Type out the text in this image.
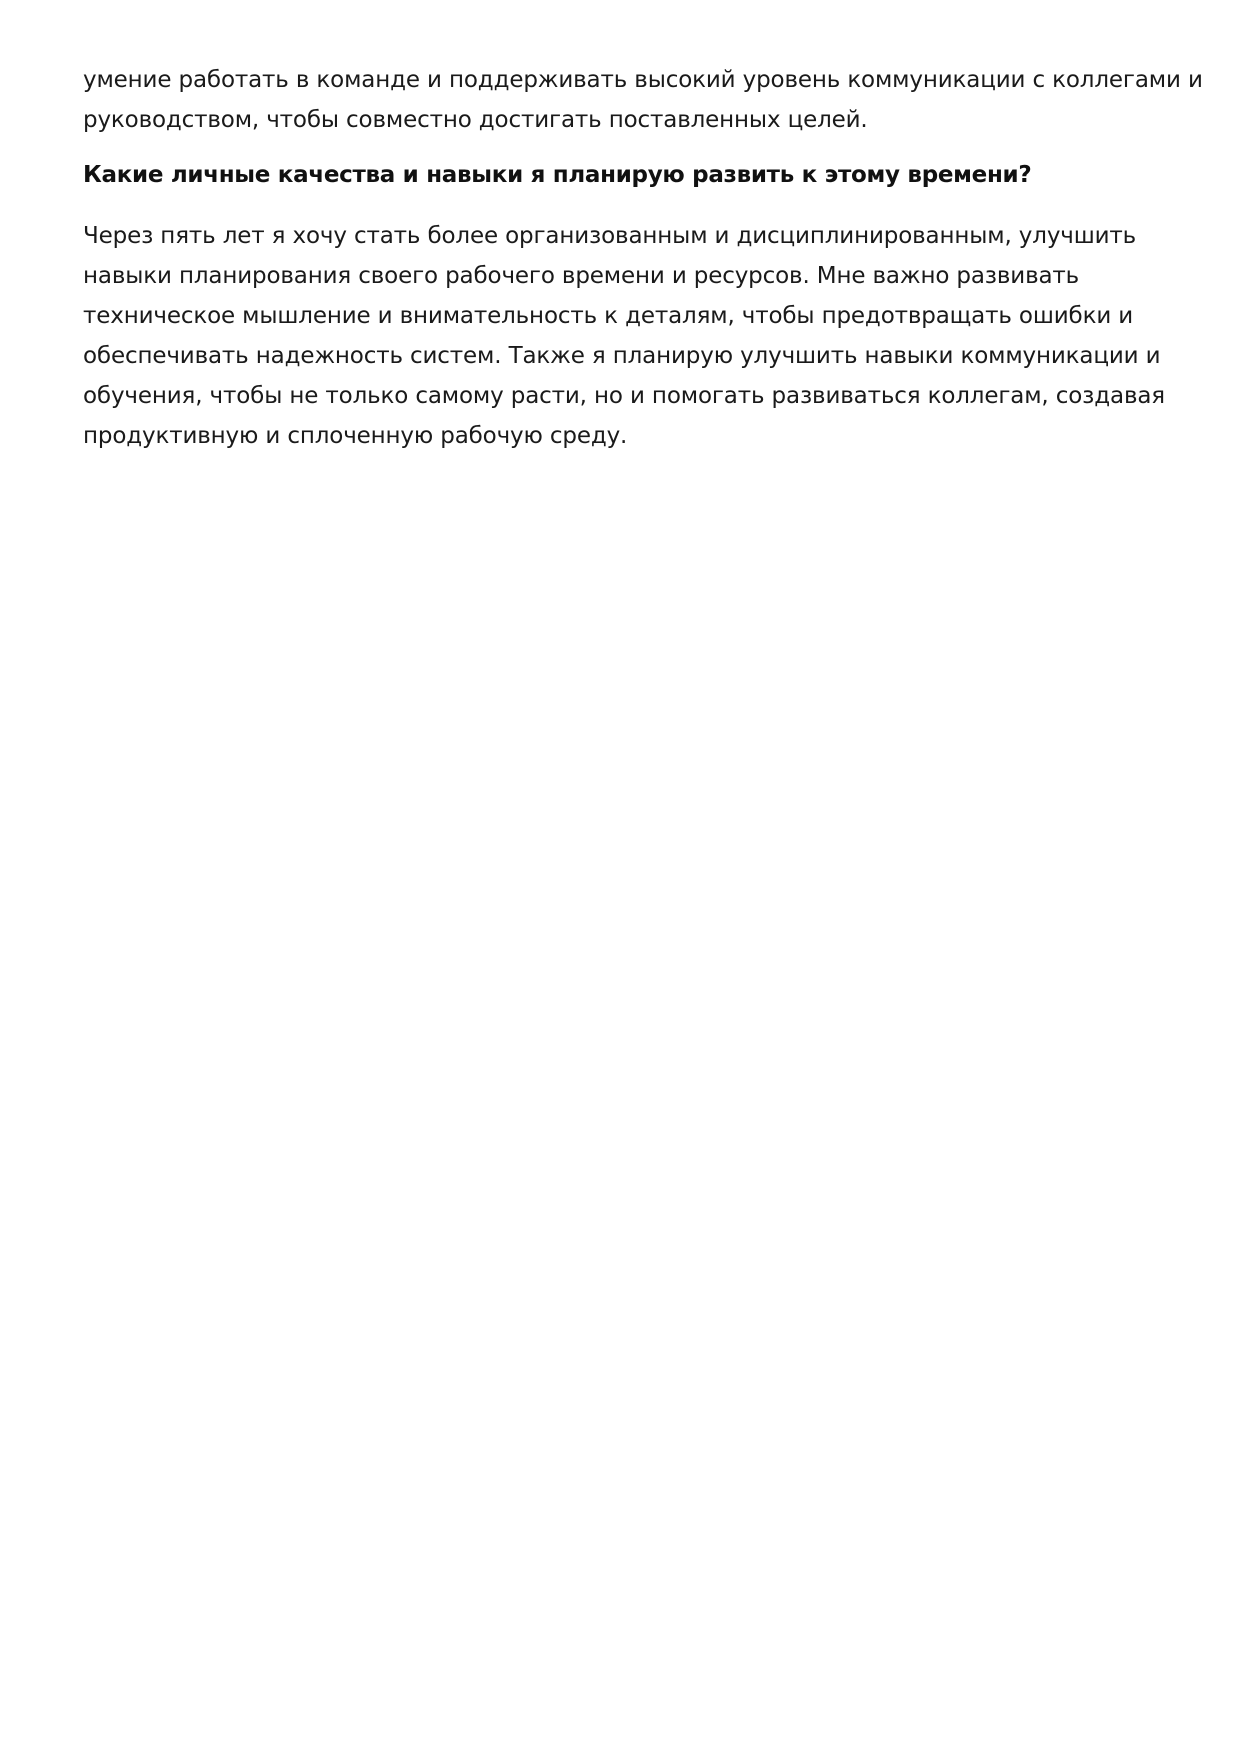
умение работать в команде и поддерживать высокий уровень коммуникации с коллегами и
руководством, чтобы совместно достигать поставленных целей.

Какие личные качества и навыки я планирую развить к этому времени?

Через пять лет я хочу стать более организованным и дисциплинированным, улучшить
навыки планирования своего рабочего времени и ресурсов. Мне важно развивать
техническое мышление и внимательность к деталям, чтобы предотвращать ошибки и
обеспечивать надежность систем. Также я планирую улучшить навыки коммуникации и
обучения, чтобы не только самому расти, но и помогать развиваться коллегам, создавая
продуктивную и сплоченную рабочую среду.
